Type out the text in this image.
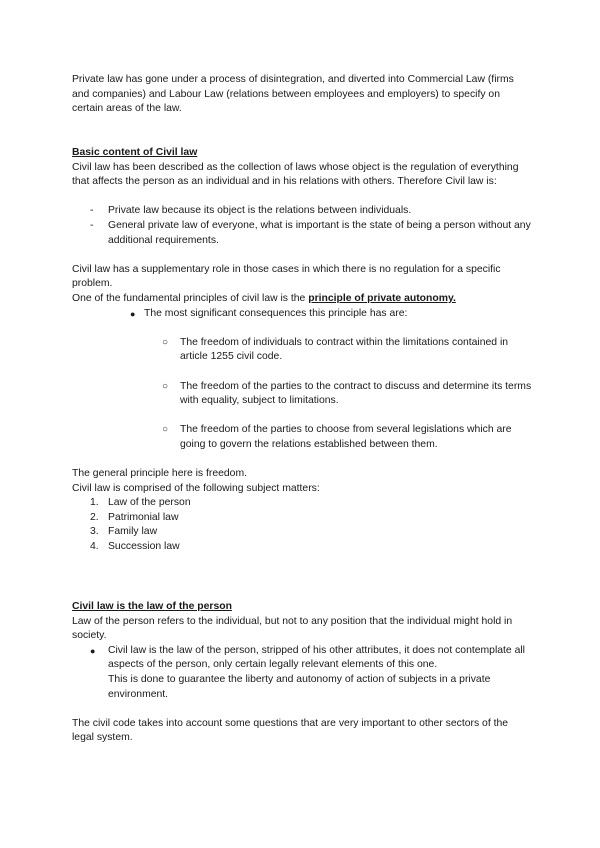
Private law has gone under a process of disintegration, and diverted into Commercial Law (firms and companies) and Labour Law (relations between employees and employers) to specify on certain areas of the law.

Basic content of Civil law

Civil law has been described as the collection of laws whose object is the regulation of everything that affects the person as an individual and in his relations with others. Therefore Civil law is:

- Private law because its object is the relations between individuals.
- General private law of everyone, what is important is the state of being a person without any additional requirements.

Civil law has a supplementary role in those cases in which there is no regulation for a specific problem.

One of the fundamental principles of civil law is the principle of private autonomy.

● The most significant consequences this principle has are:
○ The freedom of individuals to contract within the limitations contained in article 1255 civil code.
○ The freedom of the parties to the contract to discuss and determine its terms with equality, subject to limitations.
○ The freedom of the parties to choose from several legislations which are going to govern the relations established between them.

The general principle here is freedom.

Civil law is comprised of the following subject matters:

1. Law of the person
2. Patrimonial law
3. Family law
4. Succession law

Civil law is the law of the person

Law of the person refers to the individual, but not to any position that the individual might hold in society.

● Civil law is the law of the person, stripped of his other attributes, it does not contemplate all aspects of the person, only certain legally relevant elements of this one.

This is done to guarantee the liberty and autonomy of action of subjects in a private environment.

The civil code takes into account some questions that are very important to other sectors of the legal system.
